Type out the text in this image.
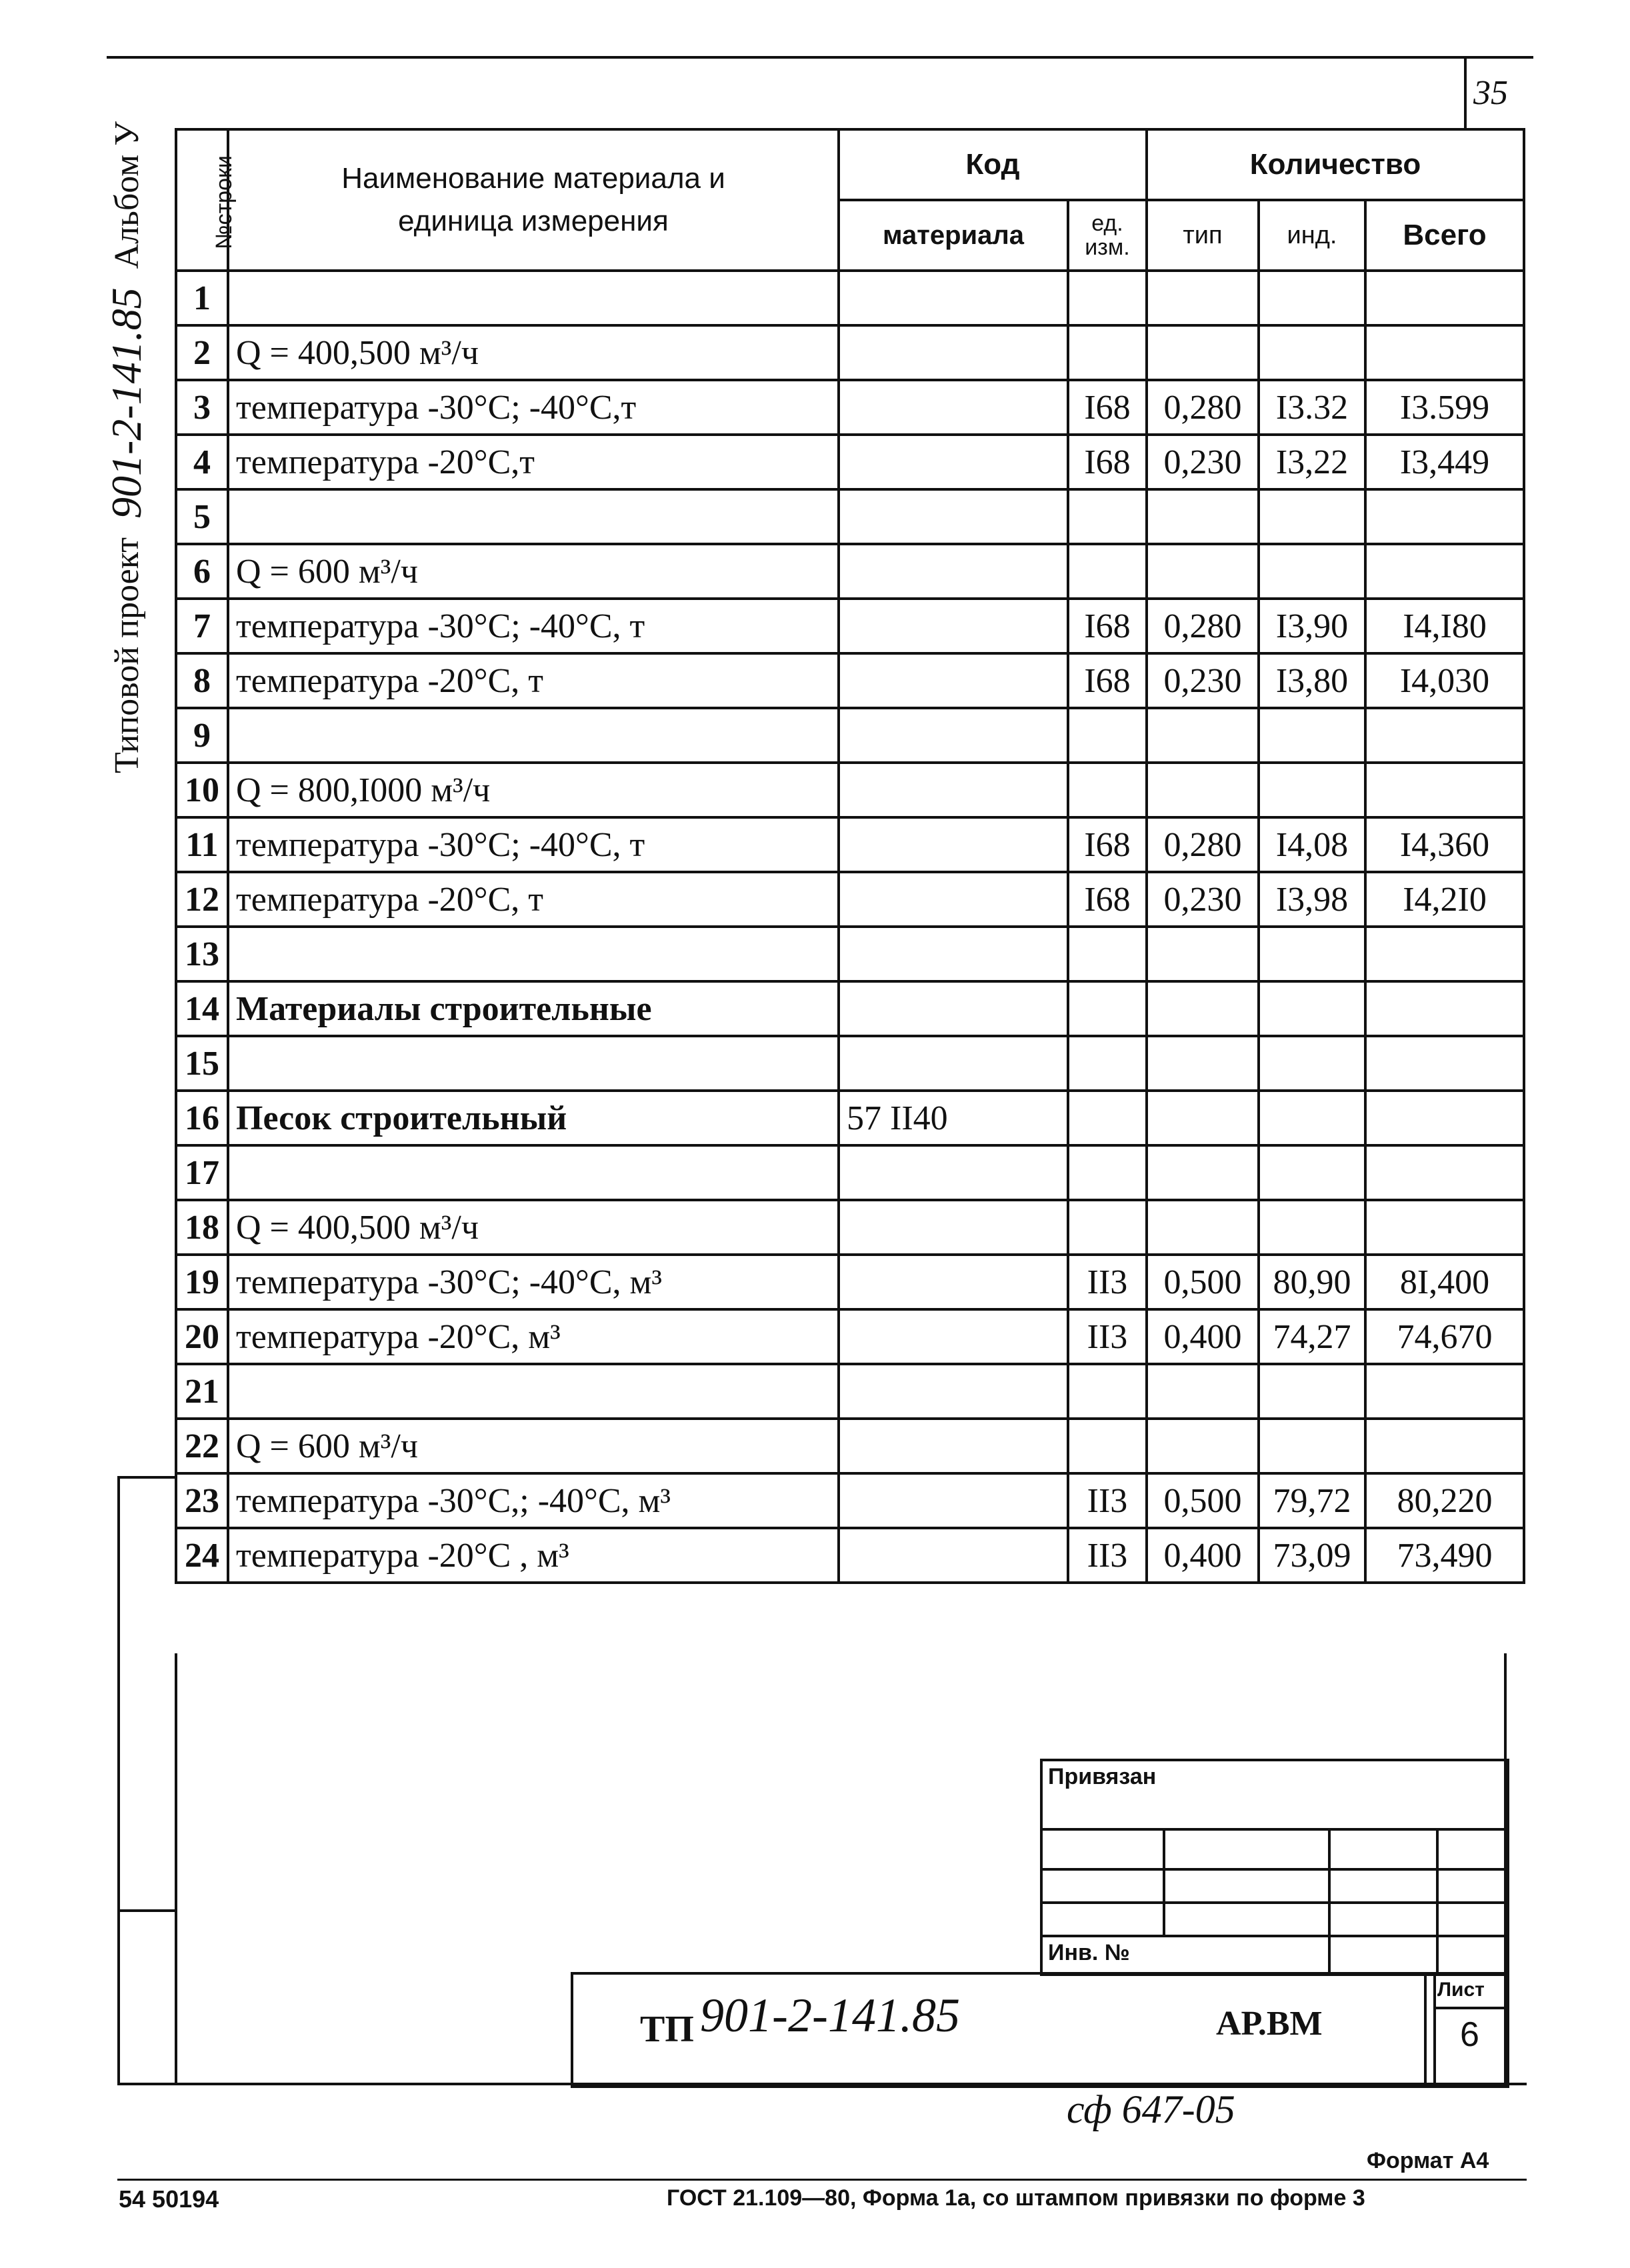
35
Типовой проект
901-2-141.85
Альбом У	№строки	Наименование материала и единица измерения	Код		Количество		
		материала	ед. изм.	тип	инд.	Всего
1						
2	Q = 400,500 м³/ч					
3	температура -30°C; -40°C,т		I68	0,280	I3.32	I3.599
4	температура -20°C,т		I68	0,230	I3,22	I3,449
5						
6	Q = 600 м³/ч					
7	температура -30°C; -40°C, т		I68	0,280	I3,90	I4,I80
8	температура -20°C, т		I68	0,230	I3,80	I4,030
9						
10	Q = 800,I000 м³/ч					
11	температура -30°C; -40°C, т		I68	0,280	I4,08	I4,360
12	температура -20°C, т		I68	0,230	I3,98	I4,2I0
13						
14	Материалы строительные					
15						
16	Песок строительный	57 II40				
17						
18	Q = 400,500 м³/ч					
19	температура -30°C; -40°C, м³		II3	0,500	80,90	8I,400
20	температура -20°C, м³		II3	0,400	74,27	74,670
21						
22	Q = 600 м³/ч					
23	температура -30°C,; -40°C, м³		II3	0,500	79,72	80,220
24	температура -20°C , м³		II3	0,400	73,09	73,490
Привязан
Инв. №
ТП 901-2-141.85	АР.ВМ
Лист
6
сф 647-05
Формат А4
54 50194	ГОСТ 21.109—80, Форма 1а, со штампом привязки по форме 3
